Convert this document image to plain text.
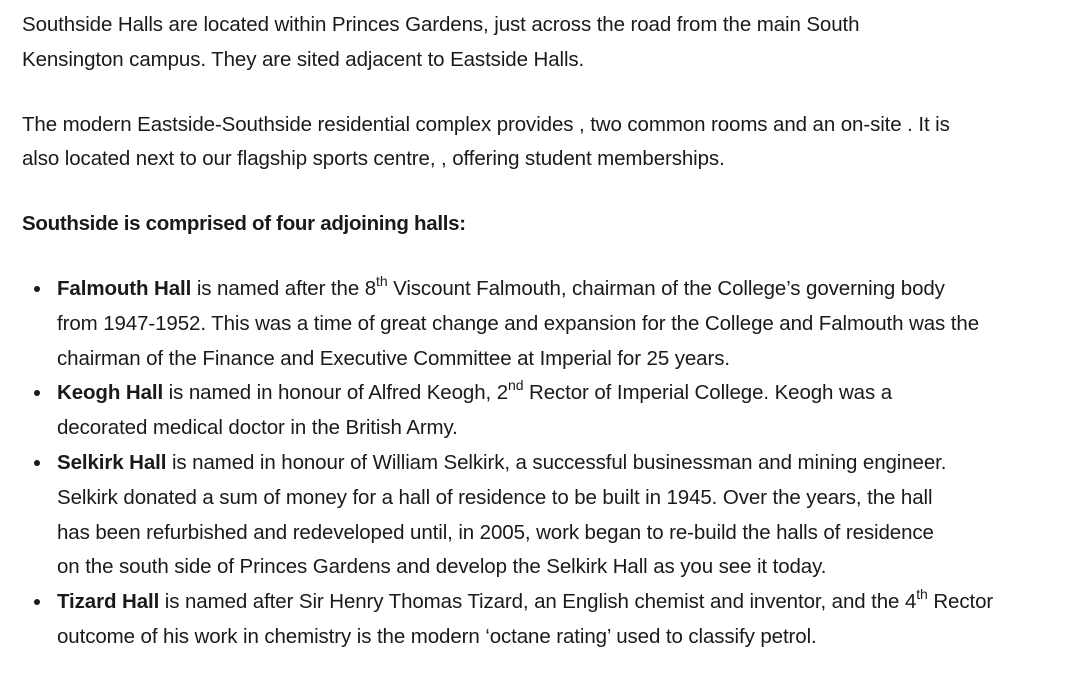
Southside Halls are located within Princes Gardens, just across the road from the main South
Kensington campus. They are sited adjacent to Eastside Halls.

The modern Eastside-Southside residential complex provides , two common rooms and an on-site . It is
also located next to our flagship sports centre, , offering student memberships.

Southside is comprised of four adjoining halls:

Falmouth Hall is named after the 8th Viscount Falmouth, chairman of the College’s governing body
from 1947-1952. This was a time of great change and expansion for the College and Falmouth was the
chairman of the Finance and Executive Committee at Imperial for 25 years.
Keogh Hall is named in honour of Alfred Keogh, 2nd Rector of Imperial College. Keogh was a
decorated medical doctor in the British Army.
Selkirk Hall is named in honour of William Selkirk, a successful businessman and mining engineer.
Selkirk donated a sum of money for a hall of residence to be built in 1945. Over the years, the hall
has been refurbished and redeveloped until, in 2005, work began to re-build the halls of residence
on the south side of Princes Gardens and develop the Selkirk Hall as you see it today.
Tizard Hall is named after Sir Henry Thomas Tizard, an English chemist and inventor, and the 4th Rector
outcome of his work in chemistry is the modern ‘octane rating’ used to classify petrol.
